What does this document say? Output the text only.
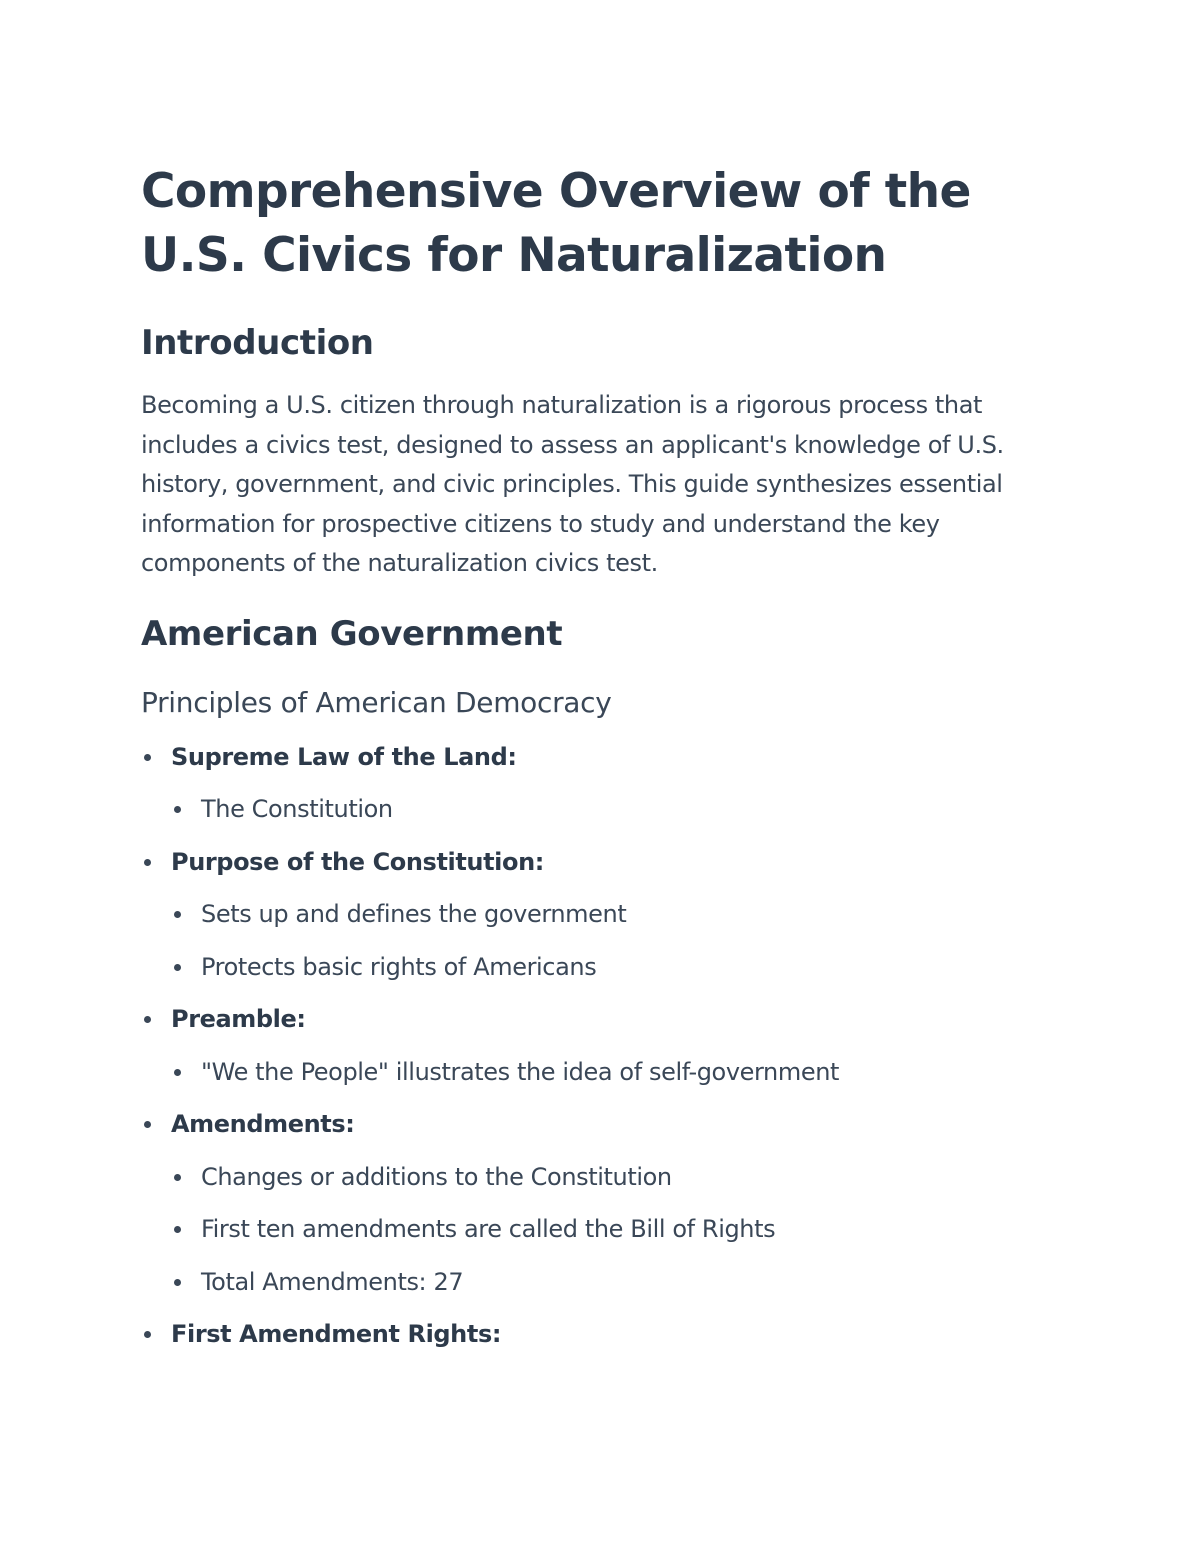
Comprehensive Overview of the U.S. Civics for Naturalization
Introduction

Becoming a U.S. citizen through naturalization is a rigorous process that includes a civics test, designed to assess an applicant's knowledge of U.S. history, government, and civic principles. This guide synthesizes essential information for prospective citizens to study and understand the key components of the naturalization civics test.

American Government
Principles of American Democracy
Supreme Law of the Land:
The Constitution
Purpose of the Constitution:
Sets up and defines the government
Protects basic rights of Americans
Preamble:
"We the People" illustrates the idea of self-government
Amendments:
Changes or additions to the Constitution
First ten amendments are called the Bill of Rights
Total Amendments: 27
First Amendment Rights:
